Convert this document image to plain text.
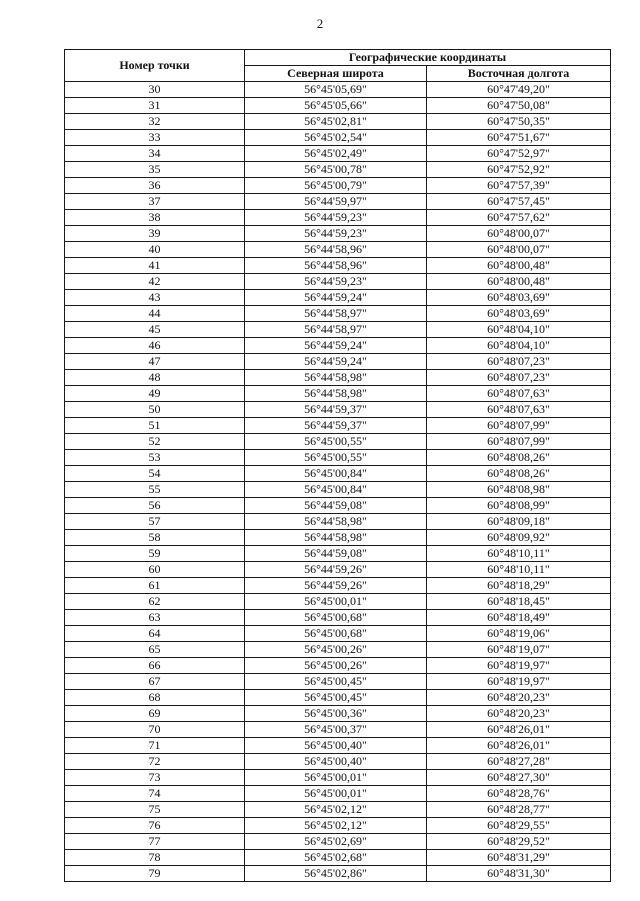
2
Номер точки	Географические координаты	
	Северная широта	Восточная долгота
30	56°45'05,69"	60°47'49,20"
31	56°45'05,66"	60°47'50,08"
32	56°45'02,81"	60°47'50,35"
33	56°45'02,54"	60°47'51,67"
34	56°45'02,49"	60°47'52,97"
35	56°45'00,78"	60°47'52,92"
36	56°45'00,79"	60°47'57,39"
37	56°44'59,97"	60°47'57,45"
38	56°44'59,23"	60°47'57,62"
39	56°44'59,23"	60°48'00,07"
40	56°44'58,96"	60°48'00,07"
41	56°44'58,96"	60°48'00,48"
42	56°44'59,23"	60°48'00,48"
43	56°44'59,24"	60°48'03,69"
44	56°44'58,97"	60°48'03,69"
45	56°44'58,97"	60°48'04,10"
46	56°44'59,24"	60°48'04,10"
47	56°44'59,24"	60°48'07,23"
48	56°44'58,98"	60°48'07,23"
49	56°44'58,98"	60°48'07,63"
50	56°44'59,37"	60°48'07,63"
51	56°44'59,37"	60°48'07,99"
52	56°45'00,55"	60°48'07,99"
53	56°45'00,55"	60°48'08,26"
54	56°45'00,84"	60°48'08,26"
55	56°45'00,84"	60°48'08,98"
56	56°44'59,08"	60°48'08,99"
57	56°44'58,98"	60°48'09,18"
58	56°44'58,98"	60°48'09,92"
59	56°44'59,08"	60°48'10,11"
60	56°44'59,26"	60°48'10,11"
61	56°44'59,26"	60°48'18,29"
62	56°45'00,01"	60°48'18,45"
63	56°45'00,68"	60°48'18,49"
64	56°45'00,68"	60°48'19,06"
65	56°45'00,26"	60°48'19,07"
66	56°45'00,26"	60°48'19,97"
67	56°45'00,45"	60°48'19,97"
68	56°45'00,45"	60°48'20,23"
69	56°45'00,36"	60°48'20,23"
70	56°45'00,37"	60°48'26,01"
71	56°45'00,40"	60°48'26,01"
72	56°45'00,40"	60°48'27,28"
73	56°45'00,01"	60°48'27,30"
74	56°45'00,01"	60°48'28,76"
75	56°45'02,12"	60°48'28,77"
76	56°45'02,12"	60°48'29,55"
77	56°45'02,69"	60°48'29,52"
78	56°45'02,68"	60°48'31,29"
79	56°45'02,86"	60°48'31,30"
